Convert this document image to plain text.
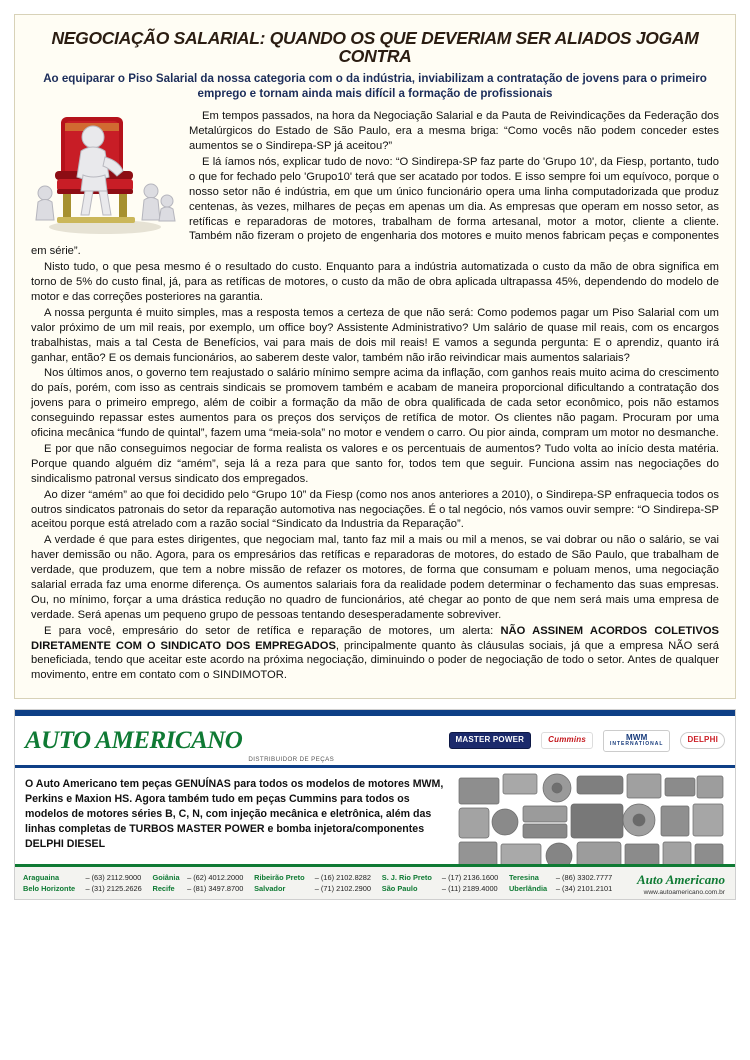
NEGOCIAÇÃO SALARIAL: QUANDO OS QUE DEVERIAM SER ALIADOS JOGAM CONTRA
Ao equiparar o Piso Salarial da nossa categoria com o da indústria, inviabilizam a contratação de jovens para o primeiro emprego e tornam ainda mais difícil a formação de profissionais

Em tempos passados, na hora da Negociação Salarial e da Pauta de Reivindicações da Federação dos Metalúrgicos do Estado de São Paulo, era a mesma briga: “Como vocês não podem conceder estes aumentos se o Sindirepa-SP já aceitou?”

E lá íamos nós, explicar tudo de novo: “O Sindirepa-SP faz parte do 'Grupo 10', da Fiesp, portanto, tudo o que for fechado pelo 'Grupo10' terá que ser acatado por todos. E isso sempre foi um equívoco, porque o nosso setor não é indústria, em que um único funcionário opera uma linha computadorizada que produz centenas, às vezes, milhares de peças em apenas um dia. As empresas que operam em nosso setor, as retíficas e reparadoras de motores, trabalham de forma artesanal, motor a motor, cliente a cliente. Também não fizeram o projeto de engenharia dos motores e muito menos fabricam peças e componentes em série”.

Nisto tudo, o que pesa mesmo é o resultado do custo. Enquanto para a indústria automatizada o custo da mão de obra significa em torno de 5% do custo final, já, para as retíficas de motores, o custo da mão de obra aplicada ultrapassa 45%, dependendo do modelo de motor e das correções posteriores na garantia.

A nossa pergunta é muito simples, mas a resposta temos a certeza de que não será: Como podemos pagar um Piso Salarial com um valor próximo de um mil reais, por exemplo, um office boy? Assistente Administrativo? Um salário de quase mil reais, com os encargos trabalhistas, mais a tal Cesta de Benefícios, vai para mais de dois mil reais! E vamos a segunda pergunta: E o aprendiz, quanto irá ganhar, então? E os demais funcionários, ao saberem deste valor, também não irão reivindicar mais aumentos salariais?

Nos últimos anos, o governo tem reajustado o salário mínimo sempre acima da inflação, com ganhos reais muito acima do crescimento do país, porém, com isso as centrais sindicais se promovem também e acabam de maneira proporcional dificultando a contratação dos jovens para o primeiro emprego, além de coibir a formação da mão de obra qualificada de cada setor econômico, pois não estamos conseguindo repassar estes aumentos para os preços dos serviços de retífica de motor. Os clientes não pagam. Procuram por uma oficina mecânica “fundo de quintal”, fazem uma “meia-sola” no motor e vendem o carro. Ou pior ainda, compram um motor no desmanche.

E por que não conseguimos negociar de forma realista os valores e os percentuais de aumentos? Tudo volta ao início desta matéria. Porque quando alguém diz “amém”, seja lá a reza para que santo for, todos tem que seguir. Funciona assim nas negociações do sindicalismo patronal versus sindicato dos empregados.

Ao dizer “amém” ao que foi decidido pelo “Grupo 10” da Fiesp (como nos anos anteriores a 2010), o Sindirepa-SP enfraquecia todos os outros sindicatos patronais do setor da reparação automotiva nas negociações. É o tal negócio, nós vamos ouvir sempre: “O Sindirepa-SP aceitou porque está atrelado com a razão social “Sindicato da Industria da Reparação”.

A verdade é que para estes dirigentes, que negociam mal, tanto faz mil a mais ou mil a menos, se vai dobrar ou não o salário, se vai haver demissão ou não. Agora, para os empresários das retíficas e reparadoras de motores, do estado de São Paulo, que trabalham de verdade, que produzem, que tem a nobre missão de refazer os motores, de forma que consumam e poluam menos, uma negociação salarial errada faz uma enorme diferença. Os aumentos salariais fora da realidade podem determinar o fechamento das suas empresas. Ou, no mínimo, forçar a uma drástica redução no quadro de funcionários, até chegar ao ponto de que nem será mais uma empresa de verdade. Será apenas um pequeno grupo de pessoas tentando desesperadamente sobreviver.

E para você, empresário do setor de retífica e reparação de motores, um alerta: NÃO ASSINEM ACORDOS COLETIVOS DIRETAMENTE COM O SINDICATO DOS EMPREGADOS, principalmente quanto às cláusulas sociais, já que a empresa NÃO será beneficiada, tendo que aceitar este acordo na próxima negociação, diminuindo o poder de negociação de todo o setor. Antes de qualquer movimento, entre em contato com o SINDIMOTOR.

AUTO AMERICANO
DISTRIBUIDOR DE PEÇAS
MASTER POWER	Cummins	MWM
INTERNATIONAL	DELPHI
O Auto Americano tem peças GENUÍNAS para todos os modelos de motores MWM, Perkins e Maxion HS. Agora também tudo em peças Cummins para todos os modelos de motores séries B, C, N, com injeção mecânica e eletrônica, além das linhas completas de TURBOS MASTER POWER e bomba injetora/componentes DELPHI DIESEL
Araguaina	– (63) 2112.9000	Goiânia	– (62) 4012.2000	Ribeirão Preto	– (16) 2102.8282	S. J. Rio Preto	– (17) 2136.1600	Teresina	– (86) 3302.7777
Belo Horizonte	– (31) 2125.2626	Recife	– (81) 3497.8700	Salvador	– (71) 2102.2900	São Paulo	– (11) 2189.4000	Uberlândia	– (34) 2101.2101
Auto Americano
www.autoamericano.com.br
